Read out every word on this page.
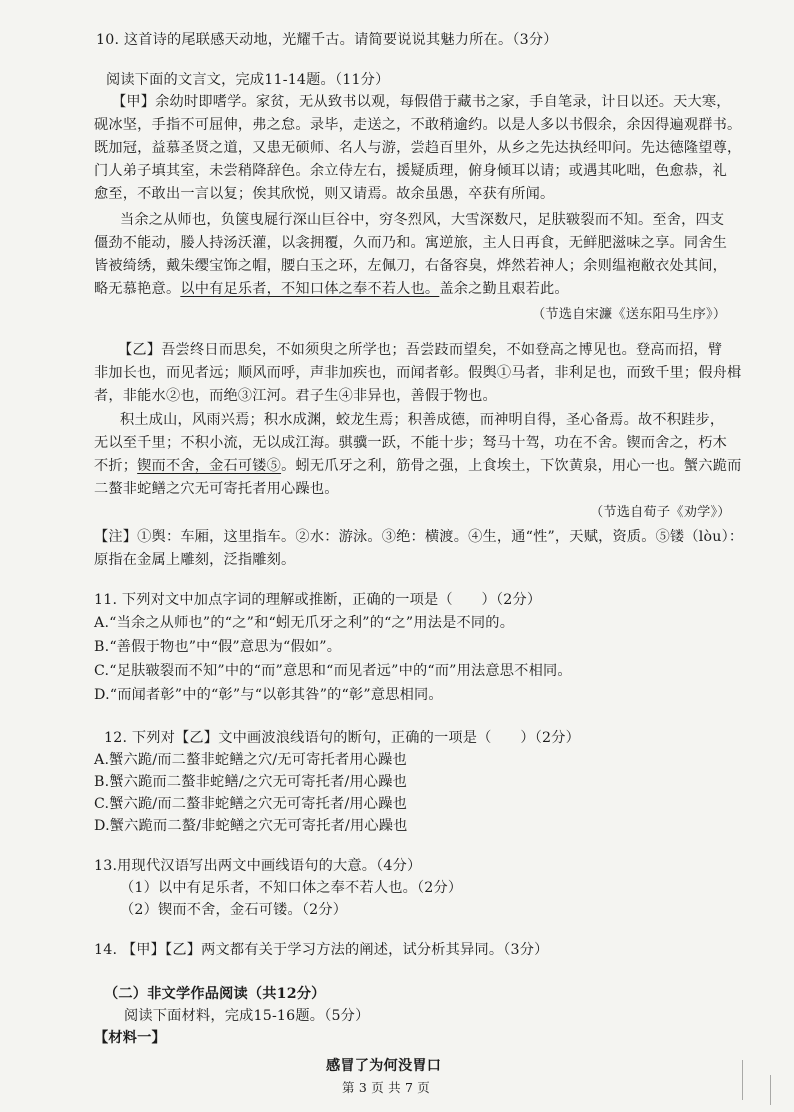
10. 这首诗的尾联感天动地，光耀千古。请简要说说其魅力所在。（3分）
阅读下面的文言文，完成11-14题。（11分）
【甲】余幼时即嗜学。家贫，无从致书以观，每假借于藏书之家，手自笔录，计日以还。天大寒，
砚冰坚，手指不可屈伸，弗之怠。录毕，走送之，不敢稍逾约。以是人多以书假余，余因得遍观群书。
既加冠，益慕圣贤之道，又患无硕师、名人与游，尝趋百里外，从乡之先达执经叩问。先达德隆望尊，
门人弟子填其室，未尝稍降辞色。余立侍左右，援疑质理，俯身倾耳以请；或遇其叱咄，色愈恭，礼
愈至，不敢出一言以复；俟其欣悦，则又请焉。故余虽愚，卒获有所闻。
当余之从师也，负箧曳屣行深山巨谷中，穷冬烈风，大雪深数尺，足肤皲裂而不知。至舍，四支
僵劲不能动，媵人持汤沃灌，以衾拥覆，久而乃和。寓逆旅，主人日再食，无鲜肥滋味之享。同舍生
皆被绮绣，戴朱缨宝饰之帽，腰白玉之环，左佩刀，右备容臭，烨然若神人；余则缊袍敝衣处其间，
略无慕艳意。以中有足乐者，不知口体之奉不若人也。盖余之勤且艰若此。
（节选自宋濂《送东阳马生序》）
【乙】吾尝终日而思矣，不如须臾之所学也；吾尝跂而望矣，不如登高之博见也。登高而招，臂
非加长也，而见者远；顺风而呼，声非加疾也，而闻者彰。假舆①马者，非利足也，而致千里；假舟楫
者，非能水②也，而绝③江河。君子生④非异也，善假于物也。
积土成山，风雨兴焉；积水成渊，蛟龙生焉；积善成德，而神明自得，圣心备焉。故不积跬步，
无以至千里；不积小流，无以成江海。骐骥一跃，不能十步；驽马十驾，功在不舍。锲而舍之，朽木
不折；锲而不舍，金石可镂⑤。蚓无爪牙之利，筋骨之强，上食埃土，下饮黄泉，用心一也。蟹六跪而
二螯非蛇鳝之穴无可寄托者用心躁也。
（节选自荀子《劝学》）
【注】①舆：车厢，这里指车。②水：游泳。③绝：横渡。④生，通“性”，天赋，资质。⑤镂（lòu）：
原指在金属上雕刻，泛指雕刻。
11. 下列对文中加点字词的理解或推断，正确的一项是（　　）（2分）
A.“当余之从师也”的“之”和“蚓无爪牙之利”的“之”用法是不同的。
B.“善假于物也”中“假”意思为“假如”。
C.“足肤皲裂而不知”中的“而”意思和“而见者远”中的“而”用法意思不相同。
D.“而闻者彰”中的“彰”与“以彰其咎”的“彰”意思相同。
12. 下列对【乙】文中画波浪线语句的断句，正确的一项是（　　）（2分）
A.蟹六跪/而二螯非蛇鳝之穴/无可寄托者用心躁也
B.蟹六跪而二螯非蛇鳝/之穴无可寄托者/用心躁也
C.蟹六跪/而二螯非蛇鳝之穴无可寄托者/用心躁也
D.蟹六跪而二螯/非蛇鳝之穴无可寄托者/用心躁也
13.用现代汉语写出两文中画线语句的大意。（4分）
（1）以中有足乐者，不知口体之奉不若人也。（2分）
（2）锲而不舍，金石可镂。（2分）
14. 【甲】【乙】两文都有关于学习方法的阐述，试分析其异同。（3分）
（二）非文学作品阅读（共12分）
阅读下面材料，完成15-16题。（5分）
【材料一】
感冒了为何没胃口
第 3 页 共 7 页
